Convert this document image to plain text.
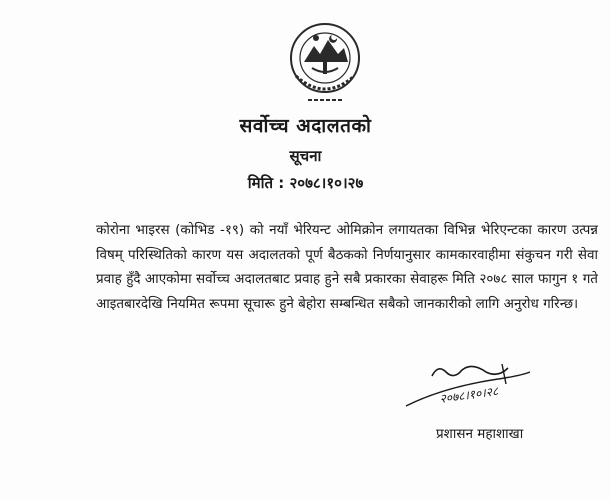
सर्वोच्च अदालतको
सूचना
मिति : २०७८।१०।२७
कोरोना भाइरस (कोभिड -१९) को नयाँ भेरियन्ट ओमिक्रोन लगायतका विभिन्न भेरिएन्टका कारण उत्पन्न विषम् परिस्थितिको कारण यस अदालतको पूर्ण बैठकको निर्णयानुसार कामकारवाहीमा संकुचन गरी सेवा प्रवाह हुँदै आएकोमा सर्वोच्च अदालतबाट प्रवाह हुने सबै प्रकारका सेवाहरू मिति २०७८ साल फागुन १ गते आइतबारदेखि नियमित रूपमा सूचारू हुने बेहोरा सम्बन्धित सबैको जानकारीको लागि अनुरोध गरिन्छ।
२०७८।१०।२८
प्रशासन महाशाखा
